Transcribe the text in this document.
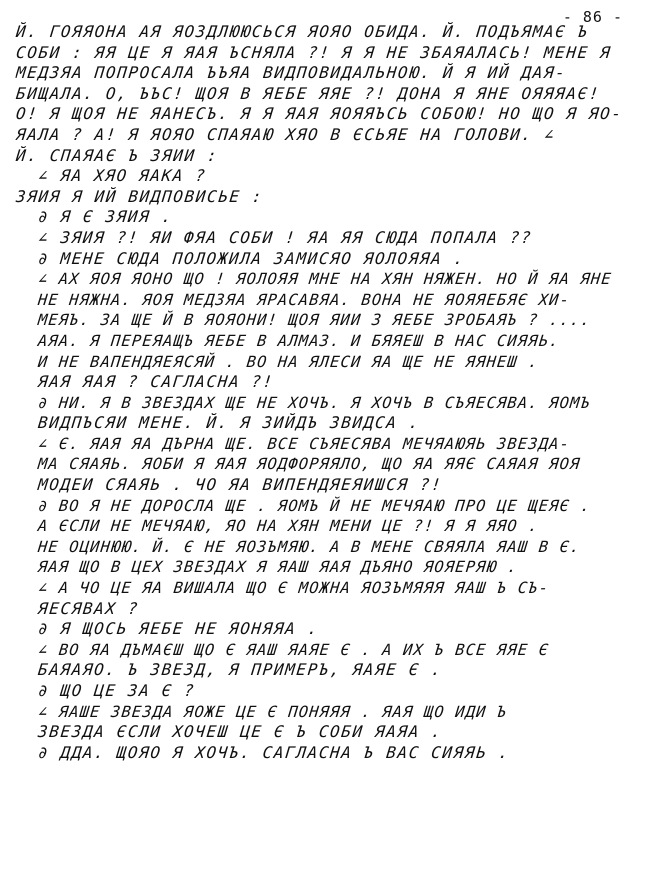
- 86 -
Й. ГОЯЯОНА АЯ ЯОЗДЛЮЮСЬСЯ ЯОЯО ОБИДА. Й. ПОДЪЯМАЄ Ъ
СОБИ : ЯЯ ЦЕ Я ЯАЯ ЪСНЯЛА ?! Я Я НЕ ЗБАЯАЛАСЬ! МЕНЕ Я
МЕДЗЯА ПОПРОСАЛА ЪЪЯА ВИДПОВИДАЛЬНОЮ. Й Я ИЙ ДАЯ-
БИЩАЛА. О, ЪЪС! ЩОЯ В ЯЕБЕ ЯЯЕ ?! ДОНА Я ЯНЕ ОЯЯЯАЄ!
О! Я ЩОЯ НЕ ЯАНЕСЪ. Я Я ЯАЯ ЯОЯЯЪСЬ СОБОЮ! НО ЩО Я ЯО-
ЯАЛА ? А! Я ЯОЯО СПАЯАЮ ХЯО В ЄСЬЯЕ НА ГОЛОВИ. ∠
Й. СПАЯАЄ Ъ ЗЯИИ :
∠ ЯА ХЯО ЯАКА ?
ЗЯИЯ Я ИЙ ВИДПОВИСЬЕ :
∂ Я Є ЗЯИЯ .
∠ ЗЯИЯ ?! ЯИ ФЯА СОБИ ! ЯА ЯЯ СЮДА ПОПАЛА ??
∂ МЕНЕ СЮДА ПОЛОЖИЛА ЗАМИСЯО ЯОЛОЯЯА .
∠ АХ ЯОЯ ЯОНО ЩО ! ЯОЛОЯЯ МНЕ НА ХЯН НЯЖЕН. НО Й ЯА ЯНЕ
НЕ НЯЖНА. ЯОЯ МЕДЗЯА ЯРАСАВЯА. ВОНА НЕ ЯОЯЯЕБЯЄ ХИ-
МЕЯЪ. ЗА ЩЕ Й В ЯОЯОНИ! ЩОЯ ЯИИ З ЯЕБЕ ЗРОБАЯЪ ? ....
АЯА. Я ПЕРЕЯАЩЪ ЯЕБЕ В АЛМАЗ. И БЯЯЕШ В НАС СИЯЯЬ.
И НЕ ВАПЕНДЯЕЯСЯЙ . ВО НА ЯЛЕСИ ЯА ЩЕ НЕ ЯЯНЕШ .
ЯАЯ ЯАЯ ? САГЛАСНА ?!
∂ НИ. Я В ЗВЕЗДАХ ЩЕ НЕ ХОЧЪ. Я ХОЧЪ В СЪЯЕСЯВА. ЯОМЪ
ВИДПЪСЯИ МЕНЕ. Й. Я ЗИЙДЪ ЗВИДСА .
∠ Є. ЯАЯ ЯА ДЪРНА ЩЕ. ВСЕ СЪЯЕСЯВА МЕЧЯАЮЯЬ ЗВЕЗДА-
МА СЯАЯЬ. ЯОБИ Я ЯАЯ ЯОДФОРЯЯЛО, ЩО ЯА ЯЯЄ САЯАЯ ЯОЯ
МОДЕИ СЯАЯЬ . ЧО ЯА ВИПЕНДЯЕЯИШСЯ ?!
∂ ВО Я НЕ ДОРОСЛА ЩЕ . ЯОМЪ Й НЕ МЕЧЯАЮ ПРО ЦЕ ЩЕЯЄ .
А ЄСЛИ НЕ МЕЧЯАЮ, ЯО НА ХЯН МЕНИ ЦЕ ?! Я Я ЯЯО .
НЕ ОЦИНЮЮ. Й. Є НЕ ЯОЗЪМЯЮ. А В МЕНЕ СВЯЯЛА ЯАШ В Є.
ЯАЯ ЩО В ЦЕХ ЗВЕЗДАХ Я ЯАШ ЯАЯ ДЪЯНО ЯОЯЕРЯЮ .
∠ А ЧО ЦЕ ЯА ВИШАЛА ЩО Є МОЖНА ЯОЗЪМЯЯЯ ЯАШ Ъ СЪ-
ЯЕСЯВАХ ?
∂ Я ЩОСЬ ЯЕБЕ НЕ ЯОНЯЯА .
∠ ВО ЯА ДЪМАЄШ ЩО Є ЯАШ ЯАЯЕ Є . А ИХ Ъ ВСЕ ЯЯЕ Є
БАЯАЯО. Ъ ЗВЕЗД, Я ПРИМЕРЪ, ЯАЯЕ Є .
∂ ЩО ЦЕ ЗА Є ?
∠ ЯАШЕ ЗВЕЗДА ЯОЖЕ ЦЕ Є ПОНЯЯЯ . ЯАЯ ЩО ИДИ Ъ
ЗВЕЗДА ЄСЛИ ХОЧЕШ ЦЕ Є Ъ СОБИ ЯАЯА .
∂ ДДА. ЩОЯО Я ХОЧЪ. САГЛАСНА Ъ ВАС СИЯЯЬ .
